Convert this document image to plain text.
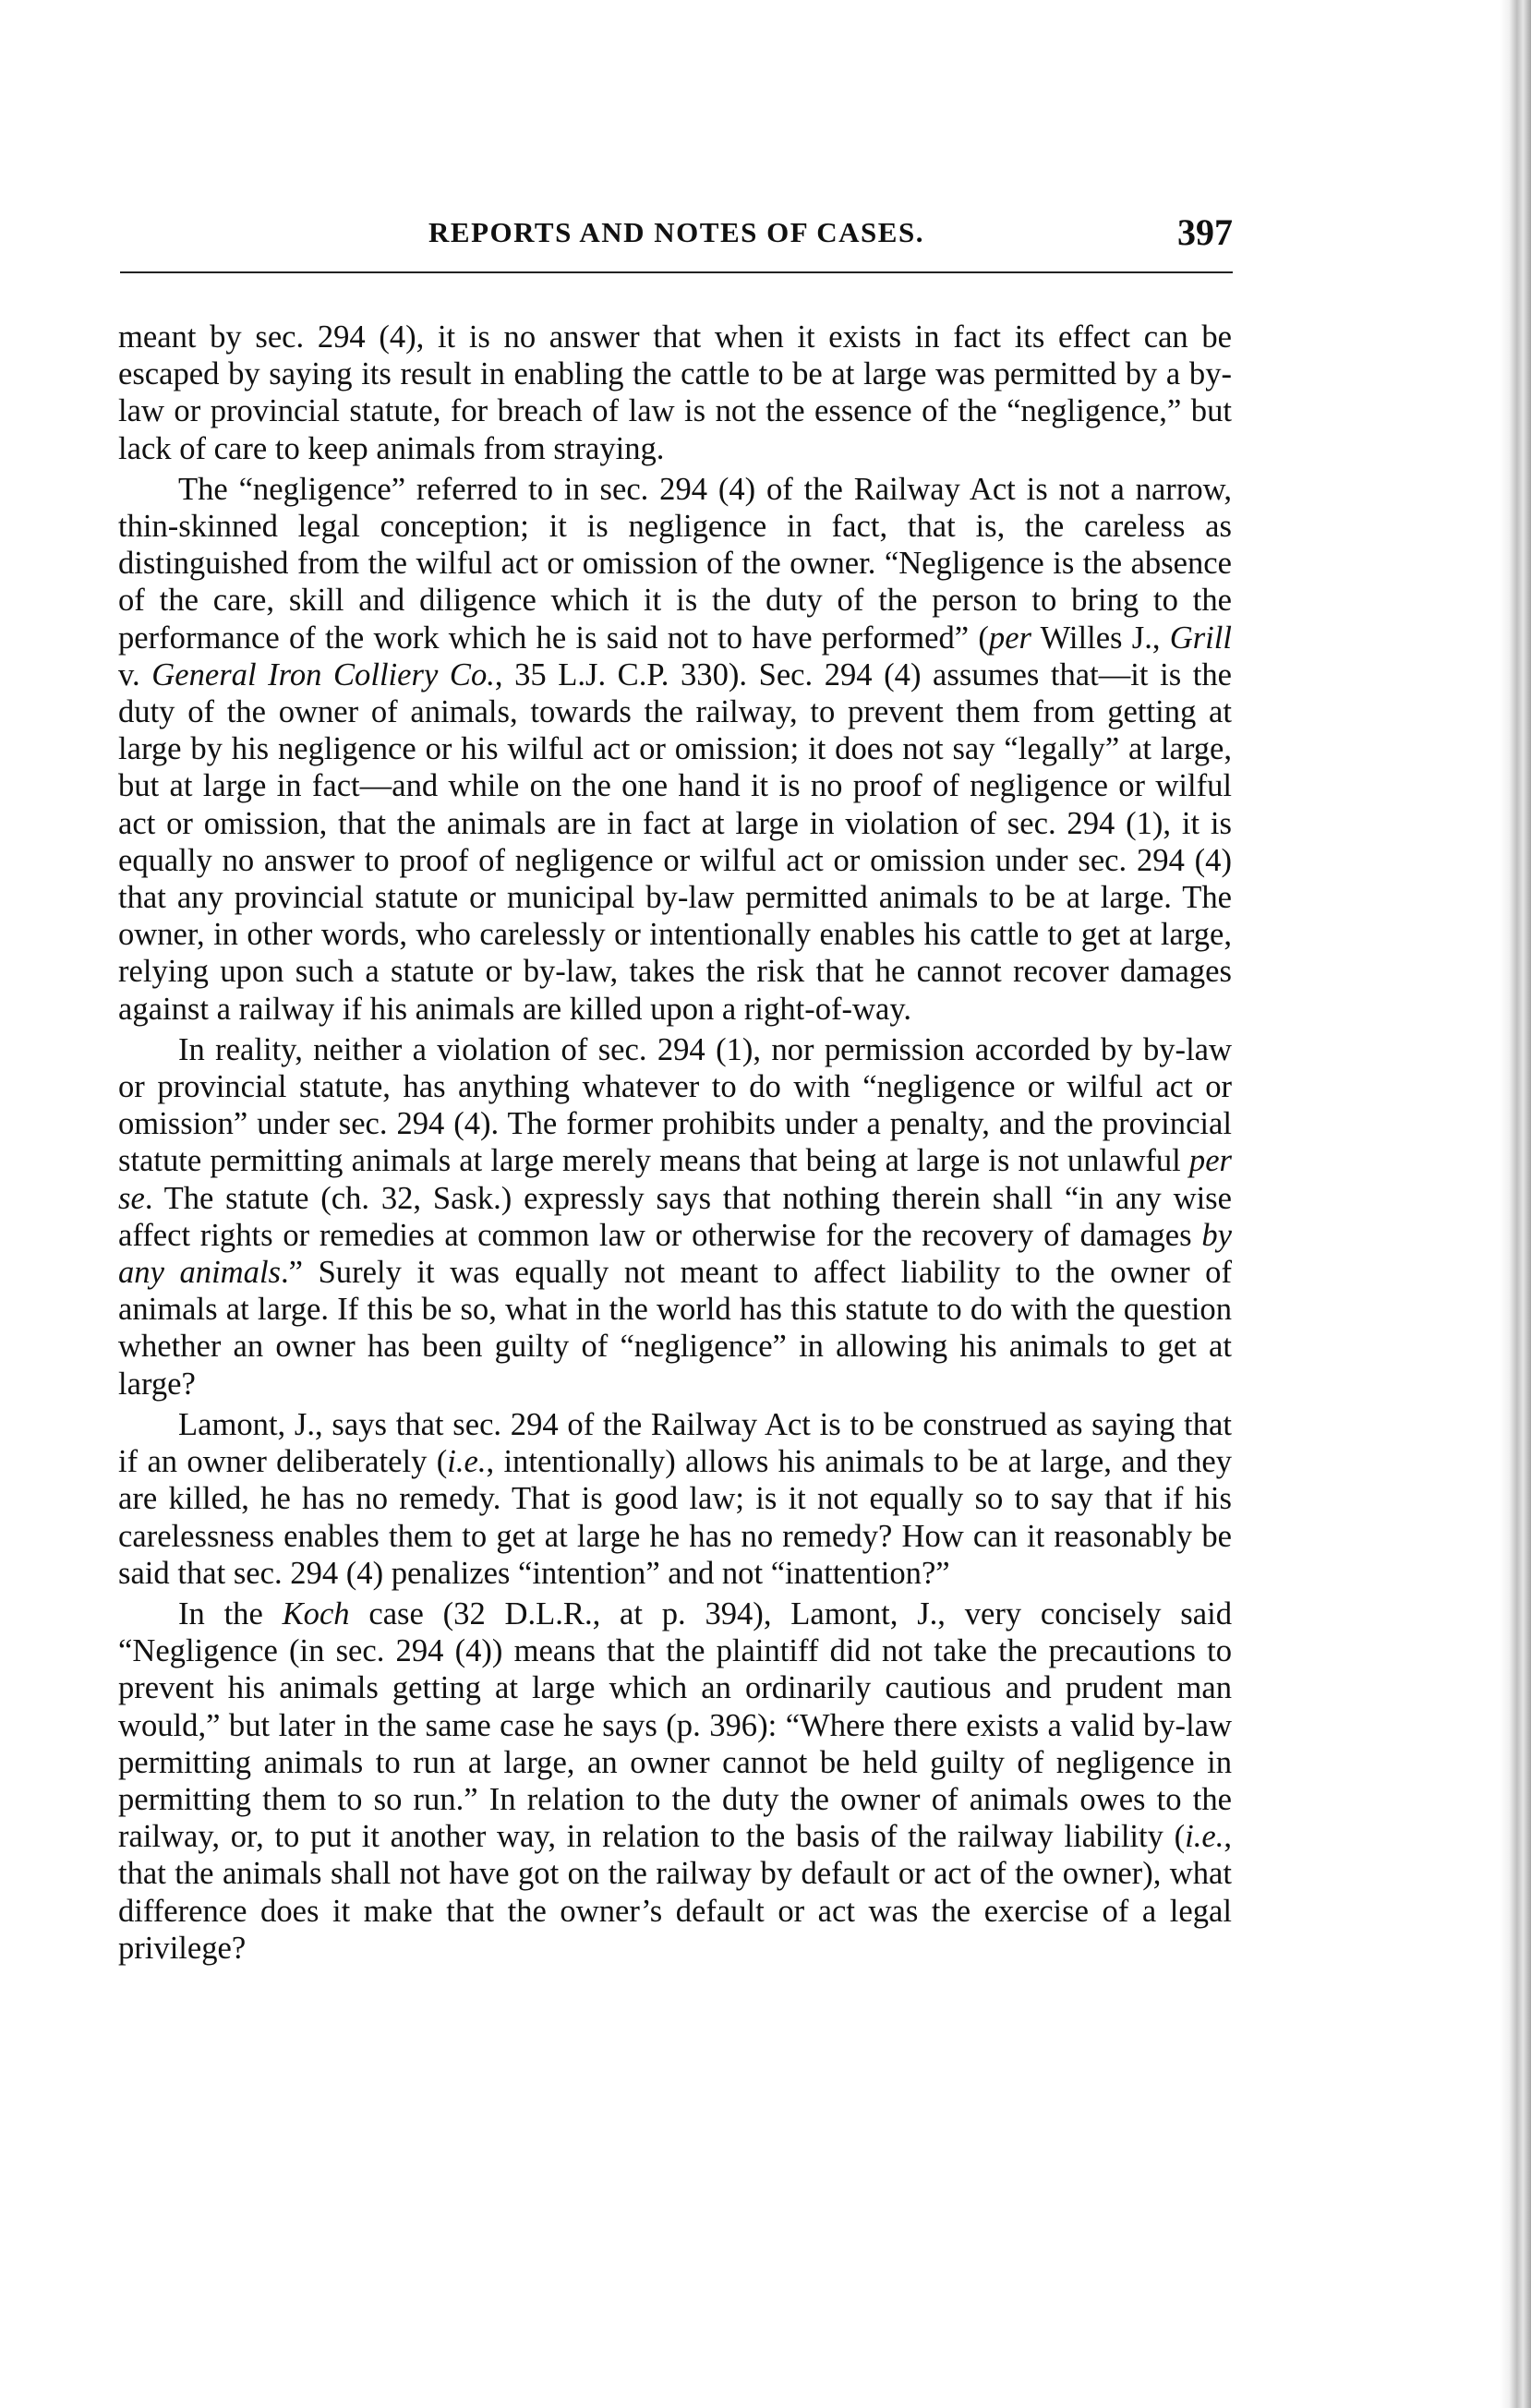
REPORTS AND NOTES OF CASES.	397

meant by sec. 294 (4), it is no answer that when it exists in fact its effect can be escaped by saying its result in enabling the cattle to be at large was permitted by a by-law or provincial statute, for breach of law is not the essence of the “negligence,” but lack of care to keep animals from straying.

The “negligence” referred to in sec. 294 (4) of the Railway Act is not a narrow, thin-skinned legal conception; it is negligence in fact, that is, the careless as distinguished from the wilful act or omission of the owner. “Negligence is the absence of the care, skill and diligence which it is the duty of the person to bring to the performance of the work which he is said not to have performed” (per Willes J., Grill v. General Iron Colliery Co., 35 L.J. C.P. 330). Sec. 294 (4) assumes that—it is the duty of the owner of animals, towards the railway, to prevent them from getting at large by his negligence or his wilful act or omission; it does not say “legally” at large, but at large in fact—and while on the one hand it is no proof of negligence or wilful act or omission, that the animals are in fact at large in violation of sec. 294 (1), it is equally no answer to proof of negligence or wilful act or omission under sec. 294 (4) that any provincial statute or municipal by-law permitted animals to be at large. The owner, in other words, who carelessly or intentionally enables his cattle to get at large, relying upon such a statute or by-law, takes the risk that he cannot recover damages against a railway if his animals are killed upon a right-of-way.

In reality, neither a violation of sec. 294 (1), nor permission accorded by by-law or provincial statute, has anything whatever to do with “negligence or wilful act or omission” under sec. 294 (4). The former prohibits under a penalty, and the provincial statute permitting animals at large merely means that being at large is not unlawful per se. The statute (ch. 32, Sask.) expressly says that nothing therein shall “in any wise affect rights or remedies at common law or otherwise for the recovery of damages by any animals.” Surely it was equally not meant to affect liability to the owner of animals at large. If this be so, what in the world has this statute to do with the question whether an owner has been guilty of “negligence” in allowing his animals to get at large?

Lamont, J., says that sec. 294 of the Railway Act is to be construed as saying that if an owner deliberately (i.e., intentionally) allows his animals to be at large, and they are killed, he has no remedy. That is good law; is it not equally so to say that if his carelessness enables them to get at large he has no remedy? How can it reasonably be said that sec. 294 (4) penalizes “intention” and not “inattention?”

In the Koch case (32 D.L.R., at p. 394), Lamont, J., very concisely said “Negligence (in sec. 294 (4)) means that the plaintiff did not take the precautions to prevent his animals getting at large which an ordinarily cautious and prudent man would,” but later in the same case he says (p. 396): “Where there exists a valid by-law permitting animals to run at large, an owner cannot be held guilty of negligence in permitting them to so run.” In relation to the duty the owner of animals owes to the railway, or, to put it another way, in relation to the basis of the railway liability (i.e., that the animals shall not have got on the railway by default or act of the owner), what difference does it make that the owner’s default or act was the exercise of a legal privilege?
